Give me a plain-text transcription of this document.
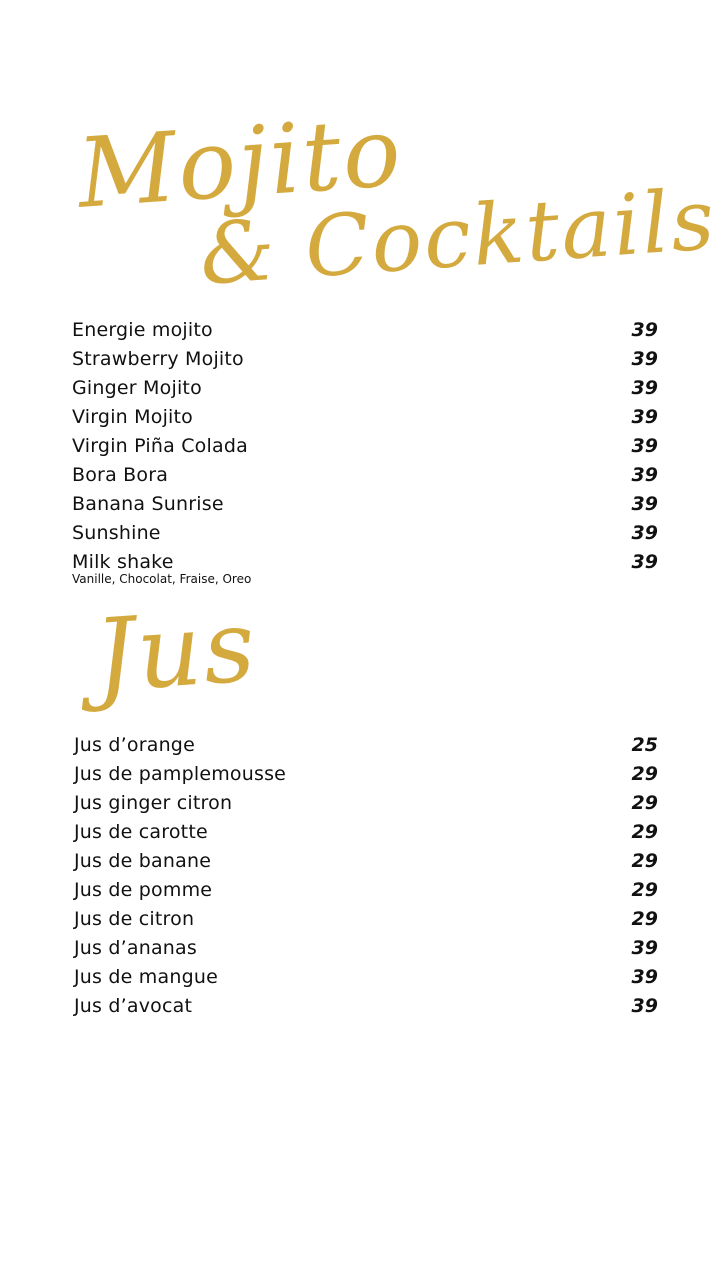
Mojito
& Cocktails
Energie mojito	39
Strawberry Mojito	39
Ginger Mojito	39
Virgin Mojito	39
Virgin Piña Colada	39
Bora Bora	39
Banana Sunrise	39
Sunshine	39
Milk shake	39
Vanille, Chocolat, Fraise, Oreo
Jus
Jus d’orange	25
Jus de pamplemousse	29
Jus ginger citron	29
Jus de carotte	29
Jus de banane	29
Jus de pomme	29
Jus de citron	29
Jus d’ananas	39
Jus de mangue	39
Jus d’avocat	39
